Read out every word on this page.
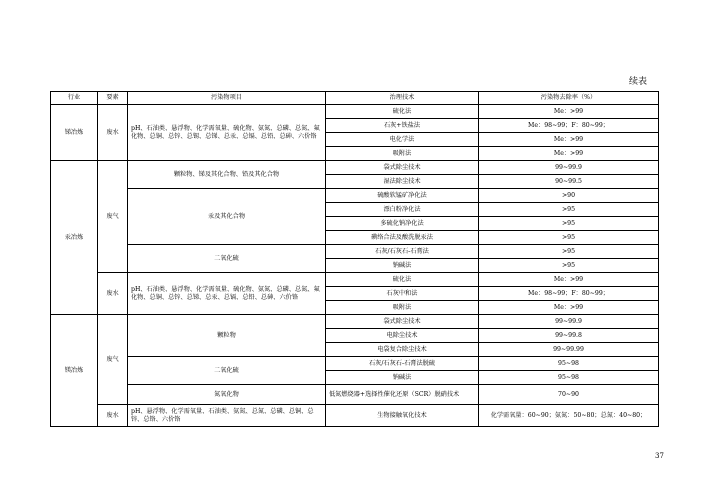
续表
行业	要素	污染物项目	治理技术	污染物去除率（%）
锑冶炼	废水	pH、石油类、悬浮物、化学需氧量、硫化物、氨氮、总磷、总氮、氟化物、总铜、总锌、总锡、总锑、总汞、总镉、总铅、总砷、六价铬	硫化法	Me：>99
			石灰+铁盐法	Me：98~99；F：80~99；
			电化学法	Me：>99
			吸附法	Me：>99
汞冶炼	废气	颗粒物、锑及其化合物、铅及其化合物	袋式除尘技术	99~99.9
			湿法除尘技术	90~99.5
		汞及其化合物	硫酸软锰矿净化法	>90
			漂白粉净化法	>95
			多硫化钠净化法	>95
			碘络合法及酸洗脱汞法	>95
		二氧化硫	石灰/石灰石-石膏法	>95
			钠碱法	>95
	废水	pH、石油类、悬浮物、化学需氧量、硫化物、氨氮、总磷、总氮、氟化物、总铜、总锌、总锑、总汞、总镉、总铅、总砷、六价铬	硫化法	Me：>99
			石灰中和法	Me：98~99；F：80~99；
			吸附法	Me：>99
镁冶炼	废气	颗粒物	袋式除尘技术	99~99.9
			电除尘技术	99~99.8
			电袋复合除尘技术	99~99.99
		二氧化硫	石灰/石灰石-石膏法脱硫	95~98
			钠碱法	95~98
		氮氧化物	低氮燃烧器+选择性催化还原（SCR）脱硝技术	70~90
	废水	pH、悬浮物、化学需氧量、石油类、氨氮、总氮、总磷、总铜、总锌、总铬、六价铬	生物接触氧化技术	化学需氧量：60~90；氨氮：50~80；总氮：40~80；
37
